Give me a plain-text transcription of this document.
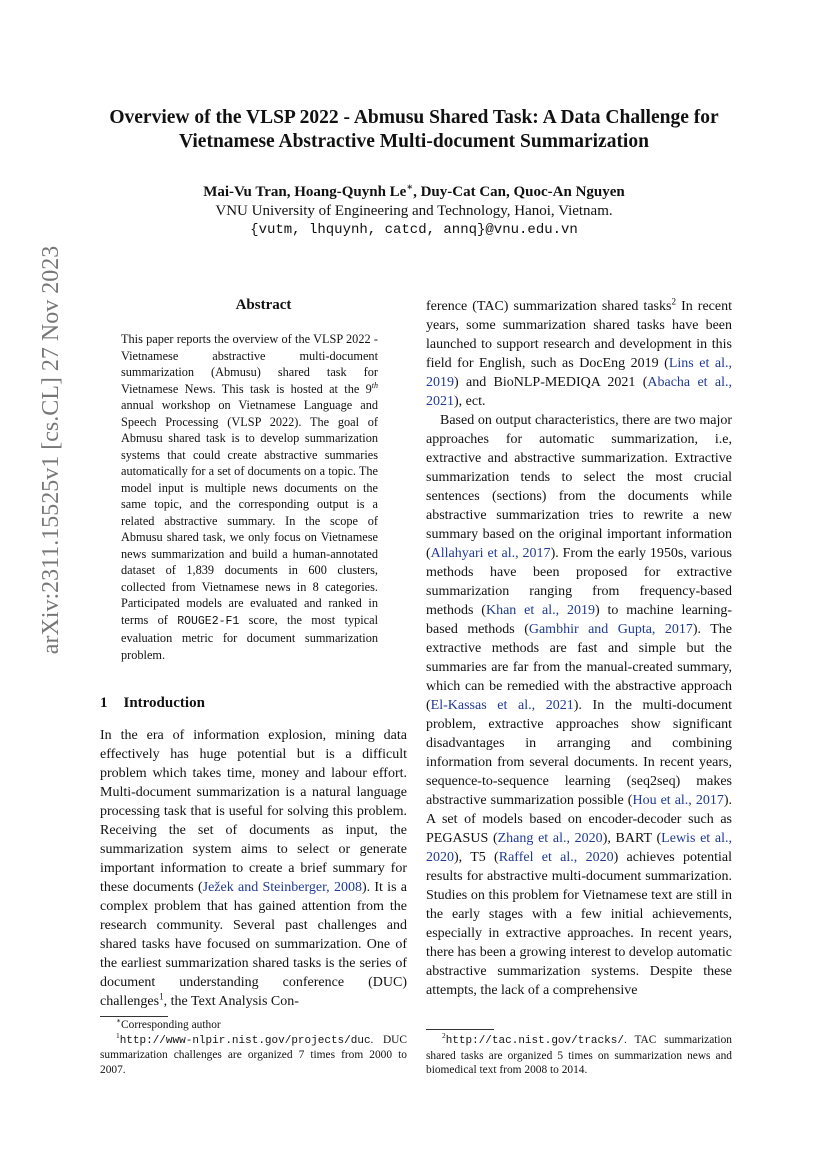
arXiv:2311.15525v1 [cs.CL] 27 Nov 2023
Overview of the VLSP 2022 - Abmusu Shared Task: A Data Challenge for
Vietnamese Abstractive Multi-document Summarization
Mai-Vu Tran, Hoang-Quynh Le∗, Duy-Cat Can, Quoc-An Nguyen
VNU University of Engineering and Technology, Hanoi, Vietnam.
{vutm, lhquynh, catcd, annq}@vnu.edu.vn
Abstract
This paper reports the overview of the VLSP 2022 - Vietnamese abstractive multi-document summarization (Abmusu) shared task for Vietnamese News. This task is hosted at the 9th annual workshop on Vietnamese Language and Speech Processing (VLSP 2022). The goal of Abmusu shared task is to develop summarization systems that could create abstractive summaries automatically for a set of documents on a topic. The model input is multiple news documents on the same topic, and the corresponding output is a related abstractive summary. In the scope of Abmusu shared task, we only focus on Vietnamese news summarization and build a human-annotated dataset of 1,839 documents in 600 clusters, collected from Vietnamese news in 8 categories. Participated models are evaluated and ranked in terms of ROUGE2-F1 score, the most typical evaluation metric for document summarization problem.
1 Introduction
In the era of information explosion, mining data effectively has huge potential but is a difficult problem which takes time, money and labour effort. Multi-document summarization is a natural language processing task that is useful for solving this problem. Receiving the set of documents as input, the summarization system aims to select or generate important information to create a brief summary for these documents (Ježek and Steinberger, 2008). It is a complex problem that has gained attention from the research community. Several past challenges and shared tasks have focused on summarization. One of the earliest summarization shared tasks is the series of document understanding conference (DUC) challenges$^1$, the Text Analysis Con-
∗Corresponding author
$^1$http://www-nlpir.nist.gov/projects/duc. DUC summarization challenges are organized 7 times from 2000 to 2007.

ference (TAC) summarization shared tasks$^2$ In recent years, some summarization shared tasks have been launched to support research and development in this field for English, such as DocEng 2019 (Lins et al., 2019) and BioNLP-MEDIQA 2021 (Abacha et al., 2021), ect.

Based on output characteristics, there are two major approaches for automatic summarization, i.e, extractive and abstractive summarization. Extractive summarization tends to select the most crucial sentences (sections) from the documents while abstractive summarization tries to rewrite a new summary based on the original important information (Allahyari et al., 2017). From the early 1950s, various methods have been proposed for extractive summarization ranging from frequency-based methods (Khan et al., 2019) to machine learning-based methods (Gambhir and Gupta, 2017). The extractive methods are fast and simple but the summaries are far from the manual-created summary, which can be remedied with the abstractive approach (El-Kassas et al., 2021). In the multi-document problem, extractive approaches show significant disadvantages in arranging and combining information from several documents. In recent years, sequence-to-sequence learning (seq2seq) makes abstractive summarization possible (Hou et al., 2017). A set of models based on encoder-decoder such as PEGASUS (Zhang et al., 2020), BART (Lewis et al., 2020), T5 (Raffel et al., 2020) achieves potential results for abstractive multi-document summarization. Studies on this problem for Vietnamese text are still in the early stages with a few initial achievements, especially in extractive approaches. In recent years, there has been a growing interest to develop automatic abstractive summarization systems. Despite these attempts, the lack of a comprehensive

$^2$http://tac.nist.gov/tracks/. TAC summarization shared tasks are organized 5 times on summarization news and biomedical text from 2008 to 2014.
